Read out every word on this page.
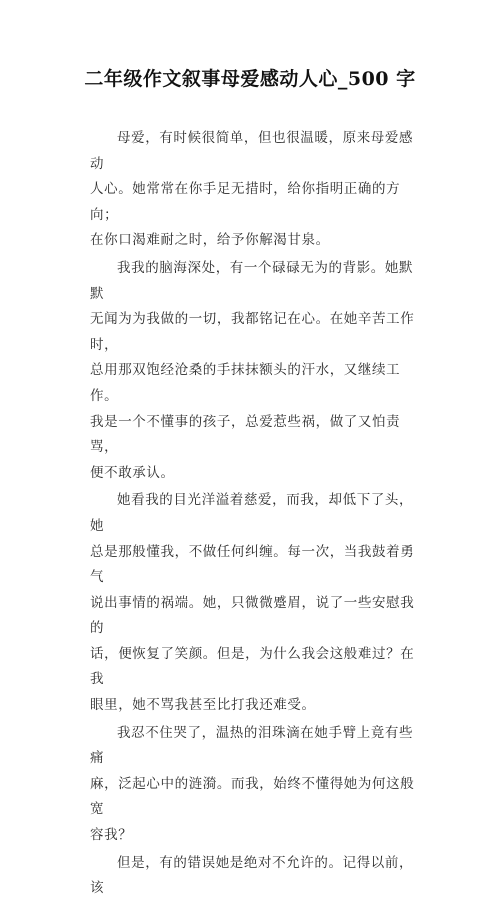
二年级作文叙事母爱感动人心_500 字

母爱，有时候很简单，但也很温暖，原来母爱感动
人心。她常常在你手足无措时，给你指明正确的方向；
在你口渴难耐之时，给予你解渴甘泉。

我我的脑海深处，有一个碌碌无为的背影。她默默
无闻为为我做的一切，我都铭记在心。在她辛苦工作时，
总用那双饱经沧桑的手抹抹额头的汗水，又继续工作。
我是一个不懂事的孩子，总爱惹些祸，做了又怕责骂，
便不敢承认。

她看我的目光洋溢着慈爱，而我，却低下了头，她
总是那般懂我，不做任何纠缠。每一次，当我鼓着勇气
说出事情的祸端。她，只微微蹙眉，说了一些安慰我的
话，便恢复了笑颜。但是，为什么我会这般难过？在我
眼里，她不骂我甚至比打我还难受。

我忍不住哭了，温热的泪珠滴在她手臂上竟有些痛
麻，泛起心中的涟漪。而我，始终不懂得她为何这般宽
容我？

但是，有的错误她是绝对不允许的。记得以前，该
